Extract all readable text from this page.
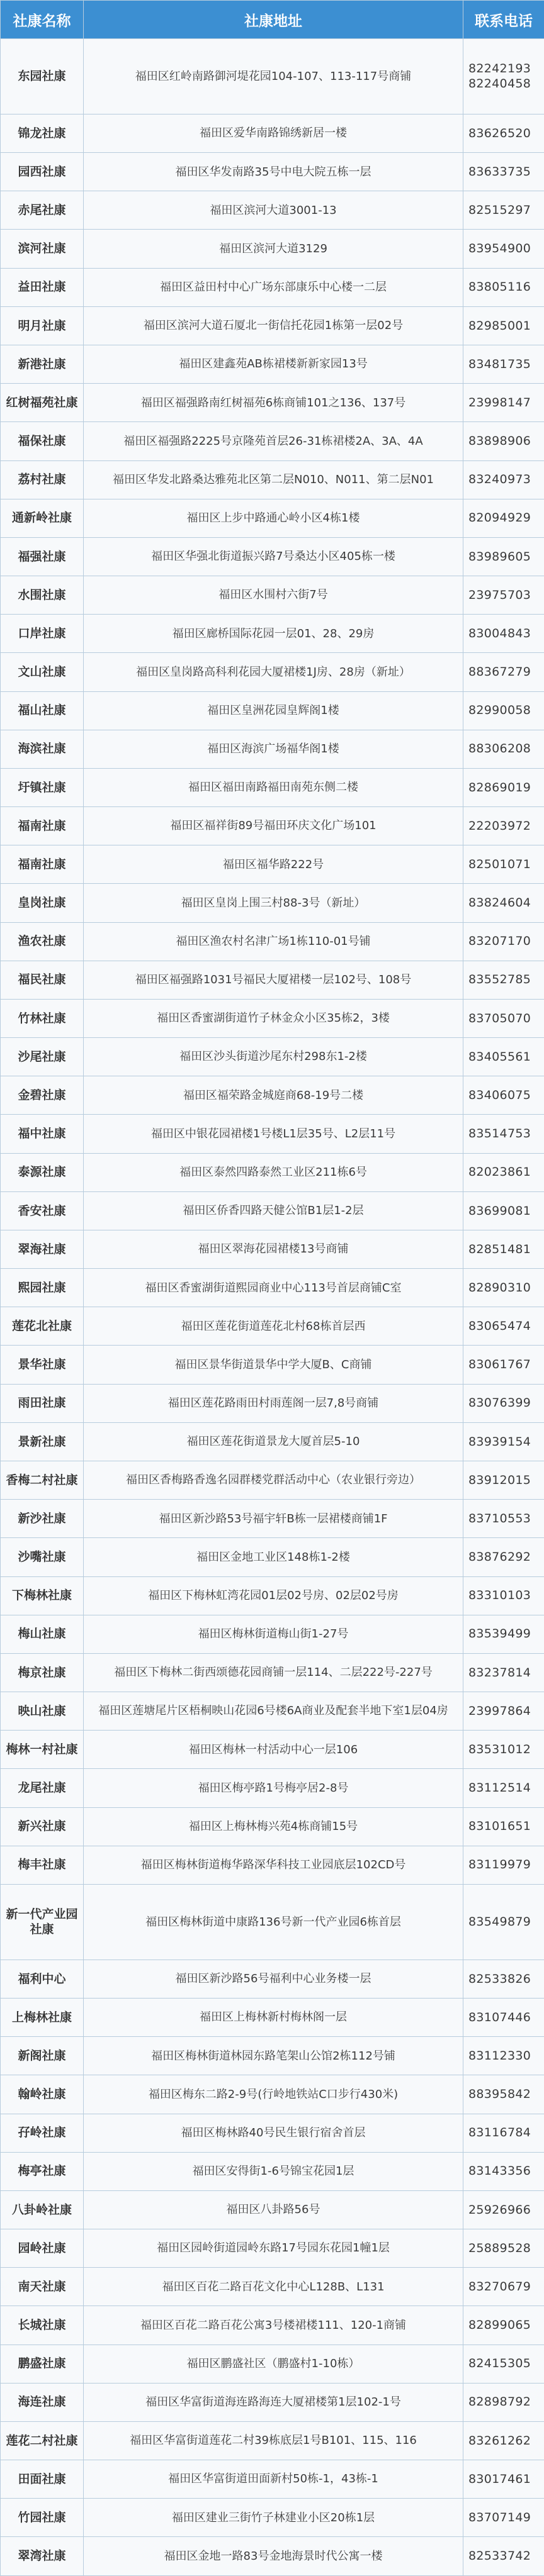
社康名称	社康地址	联系电话
东园社康	福田区红岭南路御河堤花园104-107、113-117号商铺	82242193
82240458

锦龙社康	福田区爱华南路锦绣新居一楼	83626520

园西社康	福田区华发南路35号中电大院五栋一层	83633735

赤尾社康	福田区滨河大道3001-13	82515297

滨河社康	福田区滨河大道3129	83954900

益田社康	福田区益田村中心广场东部康乐中心楼一二层	83805116

明月社康	福田区滨河大道石厦北一街信托花园1栋第一层02号	82985001

新港社康	福田区建鑫苑AB栋裙楼新新家园13号	83481735

红树福苑社康	福田区福强路南红树福苑6栋商铺101之136、137号	23998147

福保社康	福田区福强路2225号京隆苑首层26-31栋裙楼2A、3A、4A	83898906

荔村社康	福田区华发北路桑达雅苑北区第二层N010、N011、第二层N01	83240973

通新岭社康	福田区上步中路通心岭小区4栋1楼	82094929

福强社康	福田区华强北街道振兴路7号桑达小区405栋一楼	83989605

水围社康	福田区水围村六街7号	23975703

口岸社康	福田区廊桥国际花园一层01、28、29房	83004843

文山社康	福田区皇岗路高科利花园大厦裙楼1J房、28房（新址）	88367279

福山社康	福田区皇洲花园皇辉阁1楼	82990058

海滨社康	福田区海滨广场福华阁1楼	88306208

圩镇社康	福田区福田南路福田南苑东侧二楼	82869019

福南社康	福田区福祥街89号福田环庆文化广场101	22203972

福南社康	福田区福华路222号	82501071

皇岗社康	福田区皇岗上围三村88-3号（新址）	83824604

渔农社康	福田区渔农村名津广场1栋110-01号铺	83207170

福民社康	福田区福强路1031号福民大厦裙楼一层102号、108号	83552785

竹林社康	福田区香蜜湖街道竹子林金众小区35栋2，3楼	83705070

沙尾社康	福田区沙头街道沙尾东村298东1-2楼	83405561

金碧社康	福田区福荣路金城庭商68-19号二楼	83406075

福中社康	福田区中银花园裙楼1号楼L1层35号、L2层11号	83514753

泰源社康	福田区泰然四路泰然工业区211栋6号	82023861

香安社康	福田区侨香四路天健公馆B1层1-2层	83699081

翠海社康	福田区翠海花园裙楼13号商铺	82851481

熙园社康	福田区香蜜湖街道熙园商业中心113号首层商铺C室	82890310

莲花北社康	福田区莲花街道莲花北村68栋首层西	83065474

景华社康	福田区景华街道景华中学大厦B、C商铺	83061767

雨田社康	福田区莲花路雨田村雨莲阁一层7,8号商铺	83076399

景新社康	福田区莲花街道景龙大厦首层5-10	83939154

香梅二村社康	福田区香梅路香逸名园群楼党群活动中心（农业银行旁边）	83912015

新沙社康	福田区新沙路53号福宇轩B栋一层裙楼商铺1F	83710553

沙嘴社康	福田区金地工业区148栋1-2楼	83876292

下梅林社康	福田区下梅林虹湾花园01层02号房、02层02号房	83310103

梅山社康	福田区梅林街道梅山街1-27号	83539499

梅京社康	福田区下梅林二街西颂德花园商铺一层114、二层222号-227号	83237814

映山社康	福田区莲塘尾片区梧桐映山花园6号楼6A商业及配套半地下室1层04房	23997864

梅林一村社康	福田区梅林一村活动中心一层106	83531012

龙尾社康	福田区梅亭路1号梅亭居2-8号	83112514

新兴社康	福田区上梅林梅兴苑4栋商铺15号	83101651

梅丰社康	福田区梅林街道梅华路深华科技工业园底层102CD号	83119979

新一代产业园社康	福田区梅林街道中康路136号新一代产业园6栋首层	83549879

福利中心	福田区新沙路56号福利中心业务楼一层	82533826

上梅林社康	福田区上梅林新村梅林阁一层	83107446

新阁社康	福田区梅林街道林园东路笔架山公馆2栋112号铺	83112330

翰岭社康	福田区梅东二路2-9号(行岭地铁站C口步行430米)	88395842

孖岭社康	福田区梅林路40号民生银行宿舍首层	83116784

梅亭社康	福田区安得街1-6号锦宝花园1层	83143356

八卦岭社康	福田区八卦路56号	25926966

园岭社康	福田区园岭街道园岭东路17号园东花园1幢1层	25889528

南天社康	福田区百花二路百花文化中心L128B、L131	83270679

长城社康	福田区百花二路百花公寓3号楼裙楼111、120-1商铺	82899065

鹏盛社康	福田区鹏盛社区（鹏盛村1-10栋）	82415305

海连社康	福田区华富街道海连路海连大厦裙楼第1层102-1号	82898792

莲花二村社康	福田区华富街道莲花二村39栋底层1号B101、115、116	83261262

田面社康	福田区华富街道田面新村50栋-1，43栋-1	83017461

竹园社康	福田区建业三街竹子林建业小区20栋1层	83707149

翠湾社康	福田区金地一路83号金地海景时代公寓一楼	82533742
